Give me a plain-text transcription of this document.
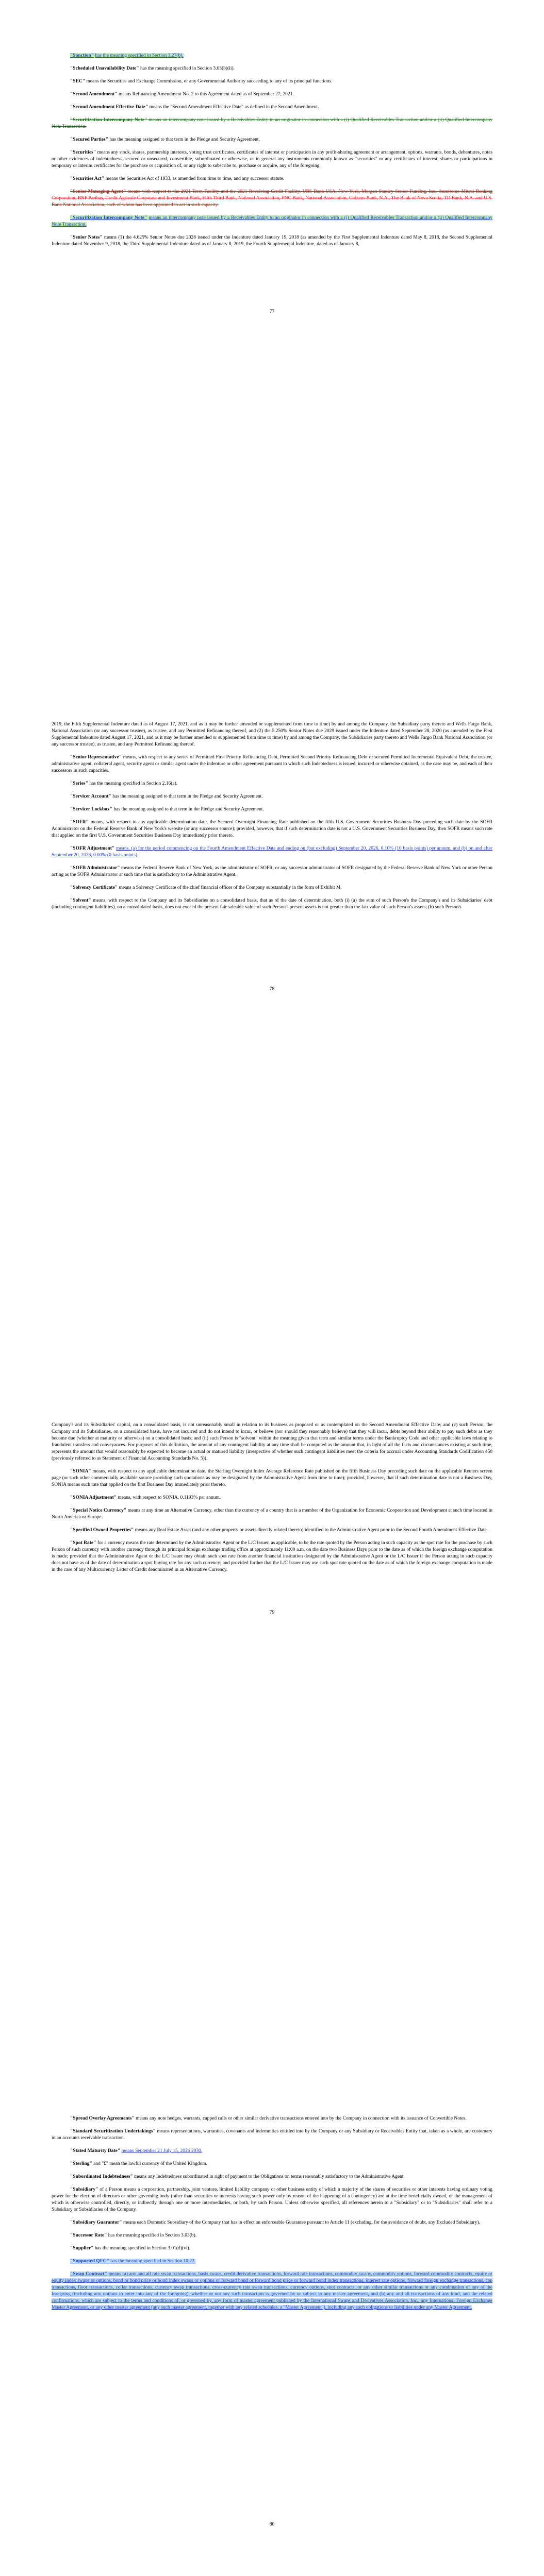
"Sanction" has the meaning specified in Section 3.27(b).

"Scheduled Unavailability Date" has the meaning specified in Section 3.03(b)(ii).

"SEC" means the Securities and Exchange Commission, or any Governmental Authority succeeding to any of its principal functions.

"Second Amendment" means Refinancing Amendment No. 2 to this Agreement dated as of September 27, 2021.

"Second Amendment Effective Date" means the "Second Amendment Effective Date" as defined in the Second Amendment.

"Securitization Intercompany Note" means an intercompany note issued by a Receivables Entity to an originator in connection with a (i) Qualified Receivables Transaction and/or a (ii) Qualified Intercompany Note Transaction.

"Secured Parties" has the meaning assigned to that term in the Pledge and Security Agreement.

"Securities" means any stock, shares, partnership interests, voting trust certificates, certificates of interest or participation in any profit-sharing agreement or arrangement, options, warrants, bonds, debentures, notes or other evidences of indebtedness, secured or unsecured, convertible, subordinated or otherwise, or in general any instruments commonly known as "securities" or any certificates of interest, shares or participations in temporary or interim certificates for the purchase or acquisition of, or any right to subscribe to, purchase or acquire, any of the foregoing.

"Securities Act" means the Securities Act of 1933, as amended from time to time, and any successor statute.

"Senior Managing Agent" means with respect to the 2021 Term Facility and the 2021 Revolving Credit Facility, UBS Bank USA, New York, Morgan Stanley Senior Funding, Inc., Sumitomo Mitsui Banking Corporation, BNP Paribas, Credit Agricole Corporate and Investment Bank, Fifth Third Bank, National Association, PNC Bank, National Association, Citizens Bank, N.A., The Bank of Nova Scotia, TD Bank, N.A. and U.S. Bank National Association, each of whom has been appointed to act in such capacity.

"Securitization Intercompany Note" means an intercompany note issued by a Receivables Entity to an originator in connection with a (i) Qualified Receivables Transaction and/or a (ii) Qualified Intercompany Note Transaction.

"Senior Notes" means (1) the 4.625% Senior Notes due 2028 issued under the Indenture dated January 19, 2018 (as amended by the First Supplemental Indenture dated May 8, 2018, the Second Supplemental Indenture dated November 9, 2018, the Third Supplemental Indenture dated as of January 8, 2019, the Fourth Supplemental Indenture, dated as of January 8,

77

2019, the Fifth Supplemental Indenture dated as of August 17, 2021, and as it may be further amended or supplemented from time to time) by and among the Company, the Subsidiary party thereto and Wells Fargo Bank, National Association (or any successor trustee), as trustee, and any Permitted Refinancing thereof, and (2) the 5.250% Senior Notes due 2029 issued under the Indenture dated September 28, 2020 (as amended by the First Supplemental Indenture dated August 17, 2021, and as it may be further amended or supplemented from time to time) by and among the Company, the Subsidiaries party thereto and Wells Fargo Bank National Association (or any successor trustee), as trustee, and any Permitted Refinancing thereof.

"Senior Representative" means, with respect to any series of Permitted First Priority Refinancing Debt, Permitted Second Priority Refinancing Debt or secured Permitted Incremental Equivalent Debt, the trustee, administrative agent, collateral agent, security agent or similar agent under the indenture or other agreement pursuant to which such Indebtedness is issued, incurred or otherwise obtained, as the case may be, and each of their successors in such capacities.

"Series" has the meaning specified in Section 2.16(a).

"Servicer Account" has the meaning assigned to that term in the Pledge and Security Agreement.

"Servicer Lockbox" has the meaning assigned to that term in the Pledge and Security Agreement.

"SOFR" means, with respect to any applicable determination date, the Secured Overnight Financing Rate published on the fifth U.S. Government Securities Business Day preceding such date by the SOFR Administrator on the Federal Reserve Bank of New York's website (or any successor source); provided, however, that if such determination date is not a U.S. Government Securities Business Day, then SOFR means such rate that applied on the first U.S. Government Securities Business Day immediately prior thereto.

"SOFR Adjustment" means, (a) for the period commencing on the Fourth Amendment Effective Date and ending on (but excluding) September 20, 2026, 0.10% (10 basis points) per annum, and (b) on and after September 20, 2026, 0.00% (0 basis points).

"SOFR Administrator" means the Federal Reserve Bank of New York, as the administrator of SOFR, or any successor administrator of SOFR designated by the Federal Reserve Bank of New York or other Person acting as the SOFR Administrator at such time that is satisfactory to the Administrative Agent.

"Solvency Certificate" means a Solvency Certificate of the chief financial officer of the Company substantially in the form of Exhibit M.

"Solvent" means, with respect to the Company and its Subsidiaries on a consolidated basis, that as of the date of determination, both (i) (a) the sum of such Person's the Company's and its Subsidiaries' debt (including contingent liabilities), on a consolidated basis, does not exceed the present fair saleable value of such Person's present assets is not greater than the fair value of such Person's assets; (b) such Person's

78

Company's and its Subsidiaries' capital, on a consolidated basis, is not unreasonably small in relation to its business as proposed or as contemplated on the Second Amendment Effective Date; and (c) such Person, the Company and its Subsidiaries, on a consolidated basis, have not incurred and do not intend to incur, or believe (nor should they reasonably believe) that they will incur, debts beyond their ability to pay such debts as they become due (whether at maturity or otherwise) on a consolidated basis; and (ii) such Person is "solvent" within the meaning given that term and similar terms under the Bankruptcy Code and other applicable laws relating to fraudulent transfers and conveyances. For purposes of this definition, the amount of any contingent liability at any time shall be computed as the amount that, in light of all the facts and circumstances existing at such time, represents the amount that would reasonably be expected to become an actual or matured liability (irrespective of whether such contingent liabilities meet the criteria for accrual under Accounting Standards Codification 450 (previously referred to as Statement of Financial Accounting Standards No. 5)).

"SONIA" means, with respect to any applicable determination date, the Sterling Overnight Index Average Reference Rate published on the fifth Business Day preceding such date on the applicable Reuters screen page (or such other commercially available source providing such quotations as may be designated by the Administrative Agent from time to time); provided, however, that if such determination date is not a Business Day, SONIA means such rate that applied on the first Business Day immediately prior thereto.

"SONIA Adjustment" means, with respect to SONIA, 0.1193% per annum.

"Special Notice Currency" means at any time an Alternative Currency, other than the currency of a country that is a member of the Organization for Economic Cooperation and Development at such time located in North America or Europe.

"Specified Owned Properties" means any Real Estate Asset (and any other property or assets directly related thereto) identified to the Administrative Agent prior to the Second Fourth Amendment Effective Date.

"Spot Rate" for a currency means the rate determined by the Administrative Agent or the L/C Issuer, as applicable, to be the rate quoted by the Person acting in such capacity as the spot rate for the purchase by such Person of such currency with another currency through its principal foreign exchange trading office at approximately 11:00 a.m. on the date two Business Days prior to the date as of which the foreign exchange computation is made; provided that the Administrative Agent or the L/C Issuer may obtain such spot rate from another financial institution designated by the Administrative Agent or the L/C Issuer if the Person acting in such capacity does not have as of the date of determination a spot buying rate for any such currency; and provided further that the L/C Issuer may use such spot rate quoted on the date as of which the foreign exchange computation is made in the case of any Multicurrency Letter of Credit denominated in an Alternative Currency.

79

"Spread Overlay Agreements" means any note hedges, warrants, capped calls or other similar derivative transactions entered into by the Company in connection with its issuance of Convertible Notes.

"Standard Securitization Undertakings" means representations, warranties, covenants and indemnities entitled into by the Company or any Subsidiary or Receivables Entity that, taken as a whole, are customary in an accounts receivable transaction.

"Stated Maturity Date" means September 21 July 15, 2026 2030.

"Sterling" and "£" mean the lawful currency of the United Kingdom.

"Subordinated Indebtedness" means any Indebtedness subordinated in right of payment to the Obligations on terms reasonably satisfactory to the Administrative Agent.

"Subsidiary" of a Person means a corporation, partnership, joint venture, limited liability company or other business entity of which a majority of the shares of securities or other interests having ordinary voting power for the election of directors or other governing body (other than securities or interests having such power only by reason of the happening of a contingency) are at the time beneficially owned, or the management of which is otherwise controlled, directly, or indirectly through one or more intermediaries, or both, by such Person. Unless otherwise specified, all references herein to a "Subsidiary" or to "Subsidiaries" shall refer to a Subsidiary or Subsidiaries of the Company.

"Subsidiary Guarantor" means each Domestic Subsidiary of the Company that has in effect an enforceable Guarantee pursuant to Article 11 (excluding, for the avoidance of doubt, any Excluded Subsidiary).

"Successor Rate" has the meaning specified in Section 3.03(b).

"Supplier" has the meaning specified in Section 3.01(d)(vi).

"Supported QFC" has the meaning specified in Section 10.22.

"Swap Contract" means (a) any and all rate swap transactions, basis swaps, credit derivative transactions, forward rate transactions, commodity swaps, commodity options, forward commodity contracts, equity or equity index swaps or options, bond or bond price or bond index swaps or options or forward bond or forward bond price or forward bond index transactions, interest rate options, forward foreign exchange transactions, cap transactions, floor transactions, collar transactions, currency swap transactions, cross-currency rate swap transactions, currency options, spot contracts, or any other similar transactions or any combination of any of the foregoing (including any options to enter into any of the foregoing), whether or not any such transaction is governed by or subject to any master agreement, and (b) any and all transactions of any kind, and the related confirmations, which are subject to the terms and conditions of, or governed by, any form of master agreement published by the International Swaps and Derivatives Association, Inc., any International Foreign Exchange Master Agreement, or any other master agreement (any such master agreement, together with any related schedules, a "Master Agreement"), including any such obligations or liabilities under any Master Agreement.

80
